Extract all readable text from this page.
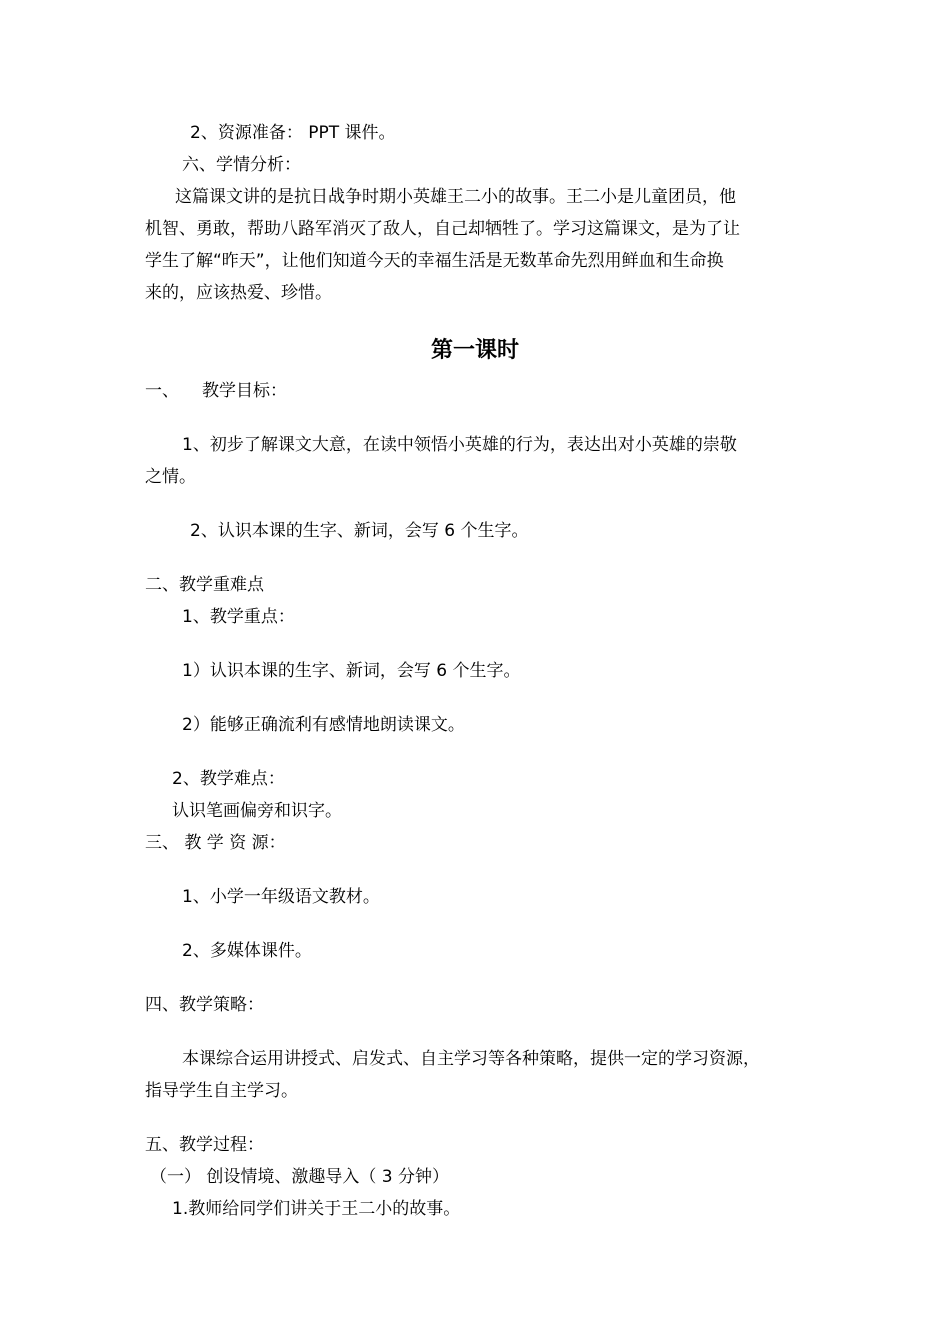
2、资源准备： PPT 课件。
六、学情分析：
这篇课文讲的是抗日战争时期小英雄王二小的故事。王二小是儿童团员，他
机智、勇敢，帮助八路军消灭了敌人，自己却牺牲了。学习这篇课文，是为了让
学生了解“昨天”，让他们知道今天的幸福生活是无数革命先烈用鲜血和生命换
来的，应该热爱、珍惜。
第一课时
一、 教学目标：
1、初步了解课文大意，在读中领悟小英雄的行为，表达出对小英雄的崇敬
之情。
2、认识本课的生字、新词，会写 6 个生字。
二、教学重难点
1、教学重点：
1）认识本课的生字、新词，会写 6 个生字。
2）能够正确流利有感情地朗读课文。
2、教学难点：
认识笔画偏旁和识字。
三、 教 学 资 源：
1、小学一年级语文教材。
2、多媒体课件。
四、教学策略：
本课综合运用讲授式、启发式、自主学习等各种策略，提供一定的学习资源，
指导学生自主学习。
五、教学过程：
（一） 创设情境、激趣导入（ 3 分钟）
1.教师给同学们讲关于王二小的故事。
